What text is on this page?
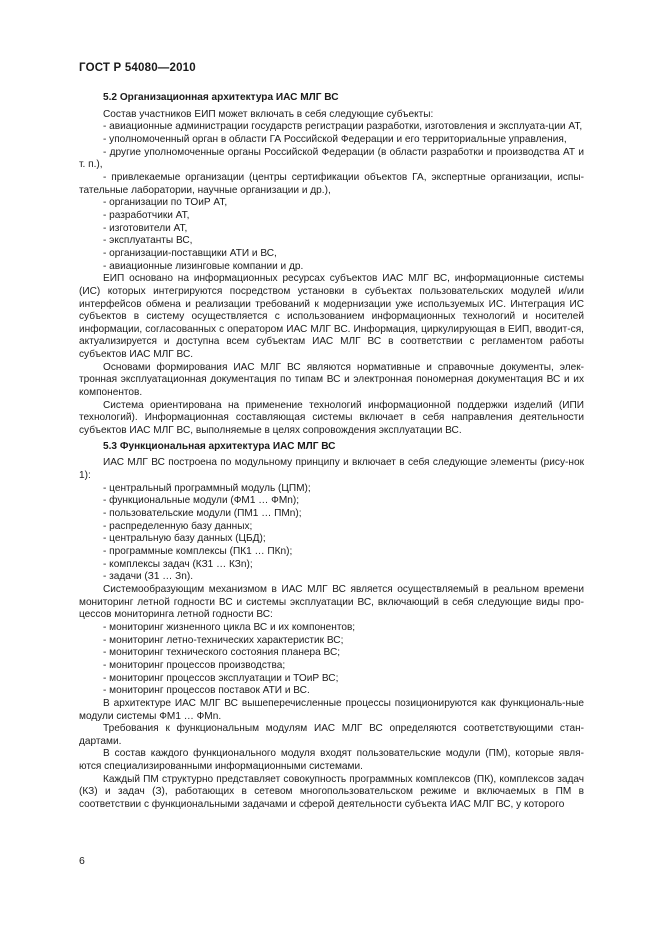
ГОСТ Р 54080—2010
5.2 Организационная архитектура ИАС МЛГ ВС

Состав участников ЕИП может включать в себя следующие субъекты:

- авиационные администрации государств регистрации разработки, изготовления и эксплуата-ции АТ,

- уполномоченный орган в области ГА Российской Федерации и его территориальные управления,

- другие уполномоченные органы Российской Федерации (в области разработки и производства АТ и т. п.),

- привлекаемые организации (центры сертификации объектов ГА, экспертные организации, испы-тательные лаборатории, научные организации и др.),

- организации по ТОиР АТ,

- разработчики АТ,

- изготовители АТ,

- эксплуатанты ВС,

- организации-поставщики АТИ и ВС,

- авиационные лизинговые компании и др.

ЕИП основано на информационных ресурсах субъектов ИАС МЛГ ВС, информационные системы (ИС) которых интегрируются посредством установки в субъектах пользовательских модулей и/или интерфейсов обмена и реализации требований к модернизации уже используемых ИС. Интеграция ИС субъектов в систему осуществляется с использованием информационных технологий и носителей информации, согласованных с оператором ИАС МЛГ ВС. Информация, циркулирующая в ЕИП, вводит-ся, актуализируется и доступна всем субъектам ИАС МЛГ ВС в соответствии с регламентом работы субъектов ИАС МЛГ ВС.

Основами формирования ИАС МЛГ ВС являются нормативные и справочные документы, элек-тронная эксплуатационная документация по типам ВС и электронная пономерная документация ВС и их компонентов.

Система ориентирована на применение технологий информационной поддержки изделий (ИПИ технологий). Информационная составляющая системы включает в себя направления деятельности субъектов ИАС МЛГ ВС, выполняемые в целях сопровождения эксплуатации ВС.

5.3 Функциональная архитектура ИАС МЛГ ВС

ИАС МЛГ ВС построена по модульному принципу и включает в себя следующие элементы (рису-нок 1):

- центральный программный модуль (ЦПМ);

- функциональные модули (ФМ1 … ФМn);

- пользовательские модули (ПМ1 … ПМn);

- распределенную базу данных;

- центральную базу данных (ЦБД);

- программные комплексы (ПК1 … ПКn);

- комплексы задач (КЗ1 … КЗn);

- задачи (З1 … Зn).

Системообразующим механизмом в ИАС МЛГ ВС является осуществляемый в реальном времени мониторинг летной годности ВС и системы эксплуатации ВС, включающий в себя следующие виды про-цессов мониторинга летной годности ВС:

- мониторинг жизненного цикла ВС и их компонентов;

- мониторинг летно-технических характеристик ВС;

- мониторинг технического состояния планера ВС;

- мониторинг процессов производства;

- мониторинг процессов эксплуатации и ТОиР ВС;

- мониторинг процессов поставок АТИ и ВС.

В архитектуре ИАС МЛГ ВС вышеперечисленные процессы позиционируются как функциональ-ные модули системы ФМ1 … ФМn.

Требования к функциональным модулям ИАС МЛГ ВС определяются соответствующими стан-дартами.

В состав каждого функционального модуля входят пользовательские модули (ПМ), которые явля-ются специализированными информационными системами.

Каждый ПМ структурно представляет совокупность программных комплексов (ПК), комплексов задач (КЗ) и задач (З), работающих в сетевом многопользовательском режиме и включаемых в ПМ в соответствии с функциональными задачами и сферой деятельности субъекта ИАС МЛГ ВС, у которого

6
